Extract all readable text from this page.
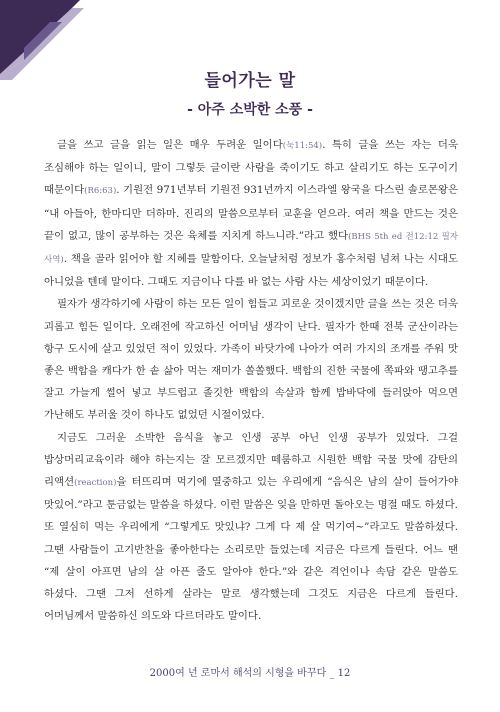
들어가는 말
- 아주 소박한 소풍 -

글을 쓰고 글을 읽는 일은 매우 두려운 일이다(눅11:54). 특히 글을 쓰는 자는 더욱 조심해야 하는 일이니, 말이 그렇듯 글이란 사람을 죽이기도 하고 살리기도 하는 도구이기 때문이다(R6:63). 기원전 971년부터 기원전 931년까지 이스라엘 왕국을 다스린 솔로몬왕은 “내 아들아, 한마디만 더하마. 진리의 말씀으로부터 교훈을 얻으라. 여러 책을 만드는 것은 끝이 없고, 많이 공부하는 것은 육체를 지치게 하느니라.”라고 했다(BHS 5th ed 전12:12 필자 사역). 책을 골라 읽어야 할 지혜를 말함이다. 오늘날처럼 정보가 홍수처럼 넘쳐 나는 시대도 아니었을 텐데 말이다. 그때도 지금이나 다를 바 없는 사람 사는 세상이었기 때문이다.

필자가 생각하기에 사람이 하는 모든 일이 힘들고 괴로운 것이겠지만 글을 쓰는 것은 더욱 괴롭고 힘든 일이다. 오래전에 작고하신 어머님 생각이 난다. 필자가 한때 전북 군산이라는 항구 도시에 살고 있었던 적이 있었다. 가족이 바닷가에 나아가 여러 가지의 조개를 주워 맛 좋은 백합을 캐다가 한 솥 삶아 먹는 재미가 쏠쏠했다. 백합의 진한 국물에 쪽파와 땡고추를 잘고 가늘게 썰어 넣고 부드럽고 졸깃한 백합의 속살과 함께 밥바닥에 들러앉아 먹으면 가난해도 부러울 것이 하나도 없었던 시절이었다.

지금도 그러운 소박한 음식을 놓고 인생 공부 아닌 인생 공부가 있었다. 그걸 밥상머리교육이라 해야 하는지는 잘 모르겠지만 떼룸하고 시원한 백합 국물 맛에 감탄의 리액션(reaction)을 터뜨리며 먹기에 열중하고 있는 우리에게 “음식은 남의 살이 들어가야 맛있어.”라고 툰금없는 말씀을 하셨다. 이런 말씀은 잊을 만하면 돌아오는 명절 때도 하셨다. 또 열심히 먹는 우리에게 “그렇게도 맛있냐? 그게 다 제 살 먹기여~”라고도 말씀하셨다. 그땐 사람들이 고기반찬을 좋아한다는 소리로만 들었는데 지금은 다르게 들린다. 어느 땐 “제 살이 아프면 남의 살 아픈 줄도 알아야 한다.”와 같은 격언이나 속담 같은 말씀도 하셨다. 그땐 그저 선하게 살라는 말로 생각했는데 그것도 지금은 다르게 들린다. 어머님께서 말씀하신 의도와 다르더라도 말이다.

2000여 년 로마서 해석의 시형을 바꾸다 _ 12
